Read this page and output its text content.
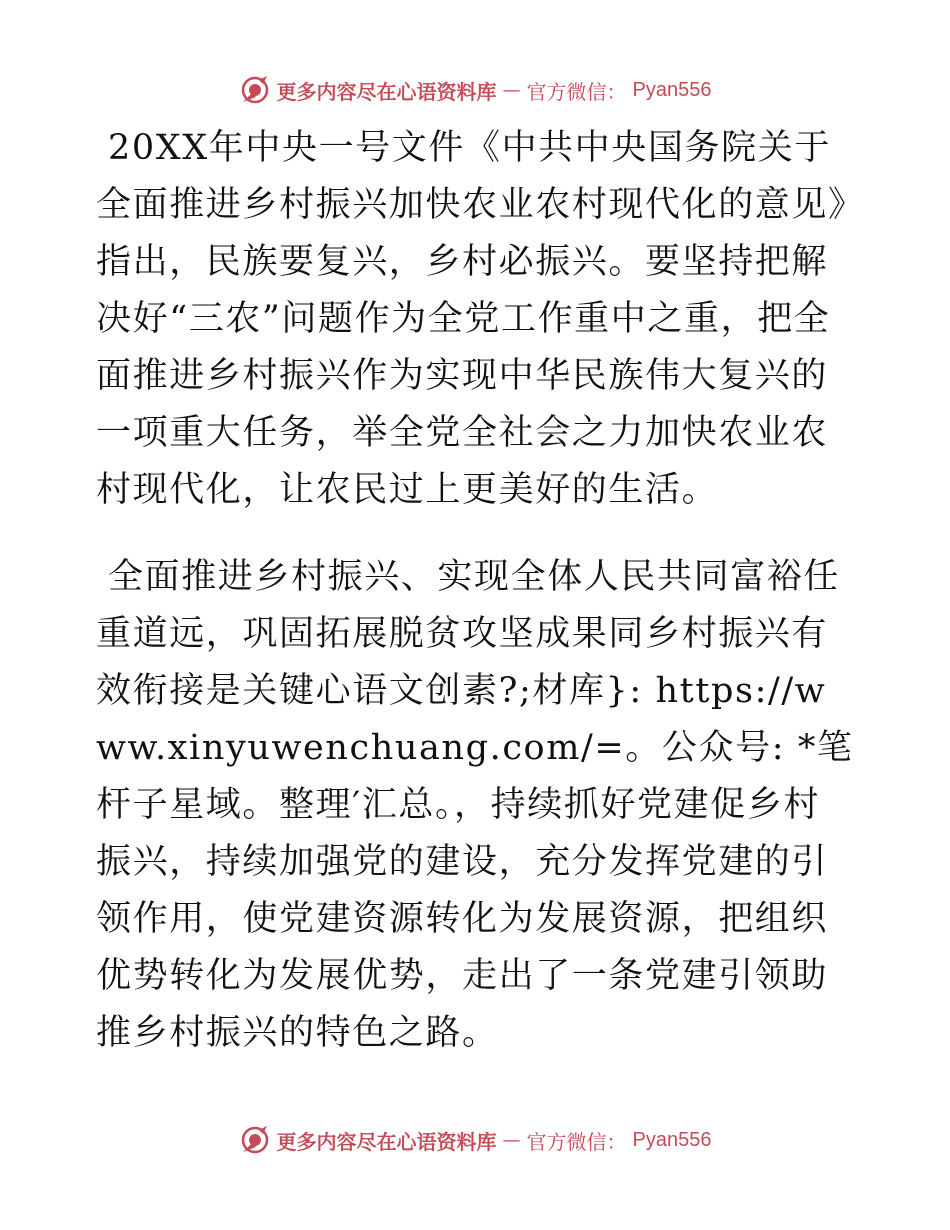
更多内容尽在心语资料库 — 官方微信： Pyan556

20XX年中央一号文件《中共中央国务院关于全面推进乡村振兴加快农业农村现代化的意见》指出，民族要复兴，乡村必振兴。要坚持把解决好“三农”问题作为全党工作重中之重，把全面推进乡村振兴作为实现中华民族伟大复兴的一项重大任务，举全党全社会之力加快农业农村现代化，让农民过上更美好的生活。

全面推进乡村振兴、实现全体人民共同富裕任重道远，巩固拓展脱贫攻坚成果同乡村振兴有效衔接是关键心语文创素?;材库}: https://www.xinyuwenchuang.com/=。公众号: *笔杆子星域。整理′汇总。，持续抓好党建促乡村振兴，持续加强党的建设，充分发挥党建的引领作用，使党建资源转化为发展资源，把组织优势转化为发展优势，走出了一条党建引领助推乡村振兴的特色之路。

更多内容尽在心语资料库 — 官方微信： Pyan556
